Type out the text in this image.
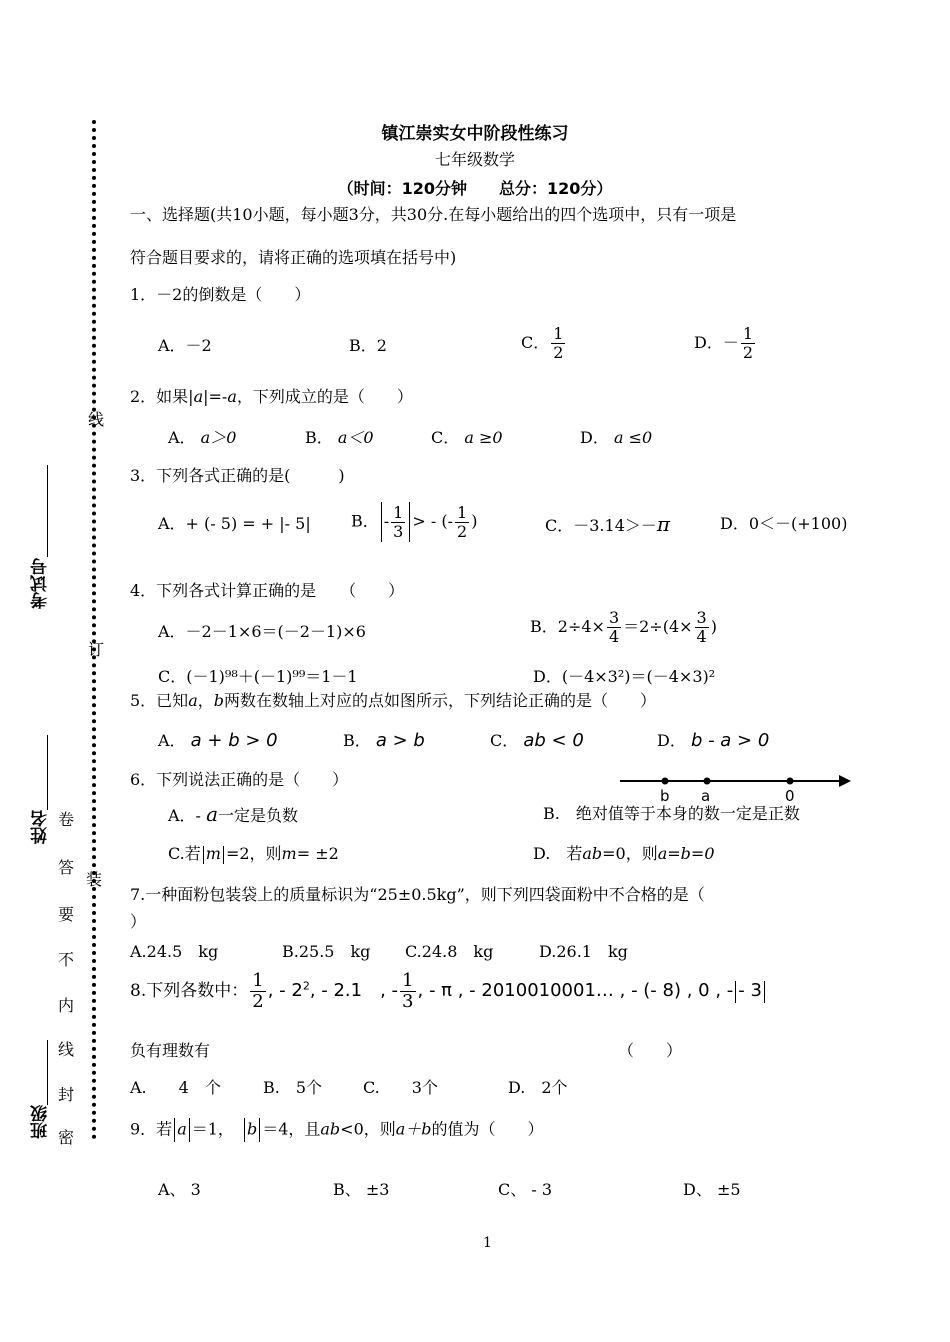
线
订
装
卷
答
要
不
内
线
封
密
考试号
姓名
班级
镇江崇实女中阶段性练习
七年级数学
（时间：120分钟　　总分：120分）
一、选择题(共10小题，每小题3分，共30分.在每小题给出的四个选项中，只有一项是
符合题目要求的，请将正确的选项填在括号中)
1．－2的倒数是（　　）
A．－2	B．2	C． $\frac{1}{2}$	D．－ $\frac{1}{2}$
2．如果|a|=-a，下列成立的是（　　）
A． a＞0	B． a＜0	C． a ≥0	D． a ≤0
3．下列各式正确的是(　　　)
A．+ (- 5) = + |- 5|	B． - $\frac{1}{3}$ > - (- $\frac{1}{2}$ )	C．－3.14＞－π	D．0＜－(+100)
4．下列各式计算正确的是　　（　　）
A．－2－1×6＝(－2－1)×6	B．$2\div 4\times \frac{3}{4} =2\div(4\times \frac{3}{4}$ )
C．(－1)⁹⁸＋(－1)⁹⁹＝1－1	D．(－4×3²)＝(－4×3)²
5．已知a，b两数在数轴上对应的点如图所示，下列结论正确的是（　　）
A． a + b > 0	B． a > b	C． ab < 0	D． b - a > 0
b a	0
6．下列说法正确的是（　　）
A．- a一定是负数	B.　绝对值等于本身的数一定是正数
C.若 m =2，则m= ±2	D.　若ab=0，则a=b=0
7.一种面粉包装袋上的质量标识为“25±0.5kg”，则下列四袋面粉中不合格的是（
）
A.24.5　kg	B.25.5　kg C.24.8　kg	D.26.1　kg
8.下列各数中： $\frac{1}{2}$ , - $2^2$, - 2.1　, - $\frac{1}{3}$ , - π , - 2010010001… , - (- 8) , 0 , - - 3
负有理数有	（　　）
A.　　4　个	B.　5个	C.　　3个	D.　2个
9．若 a ＝1，　 b ＝4，且ab<0，则a＋b的值为（　　）
A、 3	B、 ±3	C、 - 3	D、 ±5
1
